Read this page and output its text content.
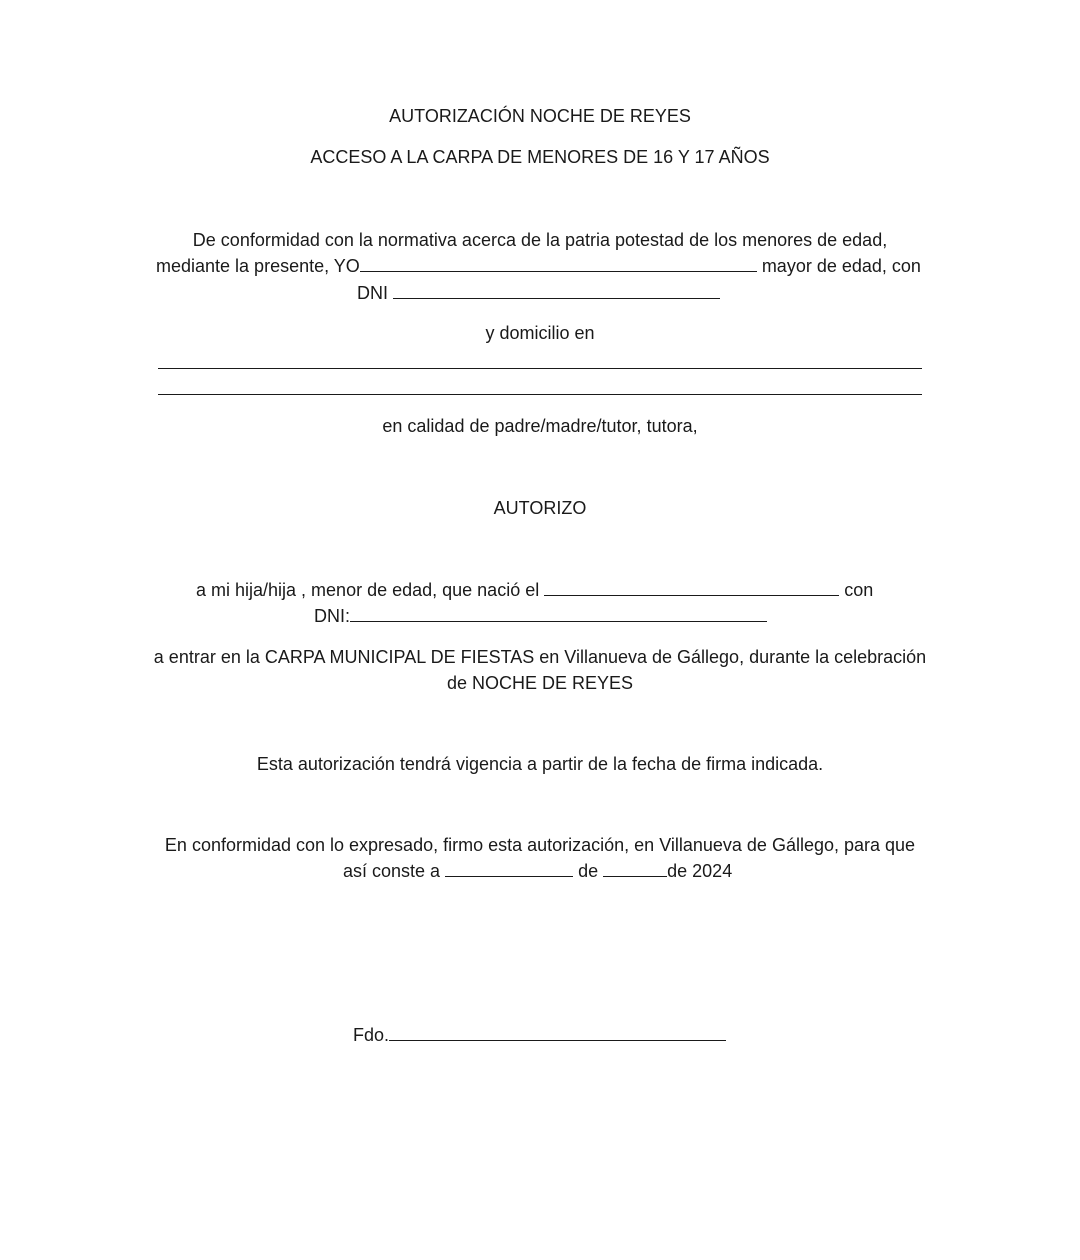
AUTORIZACIÓN NOCHE DE REYES
ACCESO A LA CARPA DE MENORES DE 16 Y 17 AÑOS
De conformidad con la normativa acerca de la patria potestad de los menores de edad,
mediante la presente, YO	mayor de edad, con
DNI
y domicilio en
en calidad de padre/madre/tutor, tutora,
AUTORIZO
a mi hija/hija , menor de edad, que nació el	con
DNI:
a entrar en la CARPA MUNICIPAL DE FIESTAS en Villanueva de Gállego, durante la celebración
de NOCHE DE REYES
Esta autorización tendrá vigencia a partir de la fecha de firma indicada.
En conformidad con lo expresado, firmo esta autorización, en Villanueva de Gállego, para que
así conste a	de	de 2024
Fdo.
